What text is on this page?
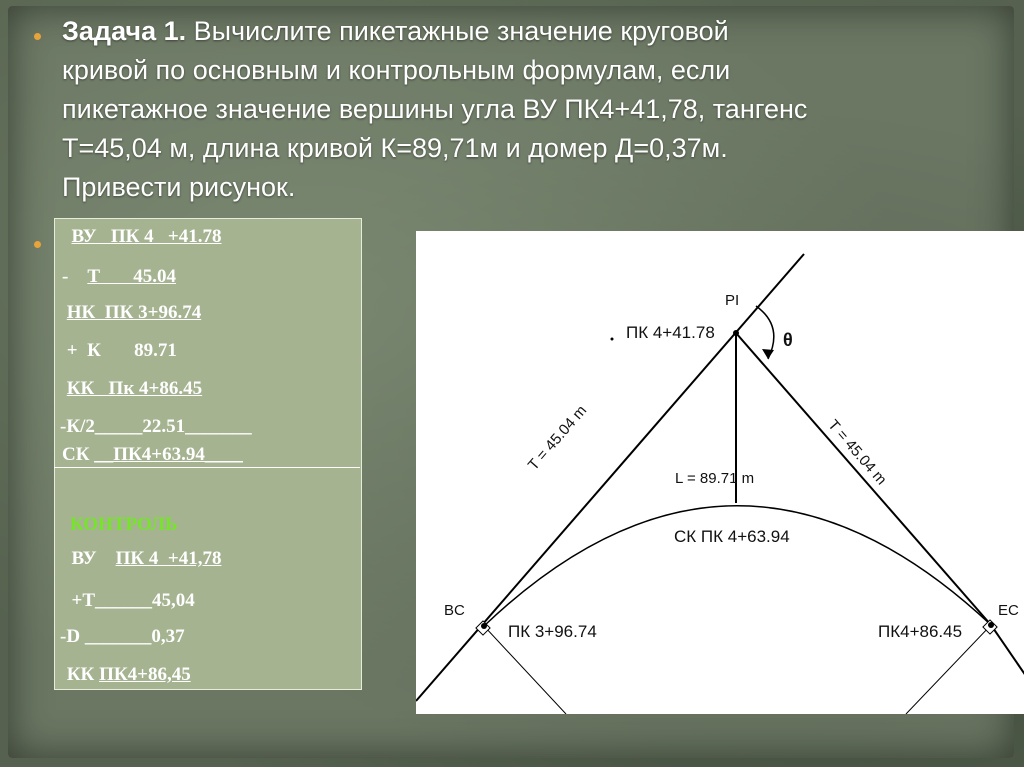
Задача 1. Вычислите пикетажные значение круговой
кривой по основным и контрольным формулам, если
пикетажное значение вершины угла ВУ ПК4+41,78, тангенс
Т=45,04 м, длина кривой К=89,71м и домер Д=0,37м.
Привести рисунок.
ВУ   ПК 4   +41.78
-    Т       45.04
НК  ПК 3+96.74
+  К       89.71
КК   Пк 4+86.45
-К/2_____22.51_______
СК __ПК4+63.94____
КОНТРОЛЬ
ВУ    ПК 4  +41,78
+Т______45,04
-D _______0,37
КК ПК4+86,45
PI
ПК 4+41.78	θ
T = 45.04 m	T = 45.04 m
L = 89.71 m
СК ПК 4+63.94
BC	EC
ПК 3+96.74	ПК4+86.45
